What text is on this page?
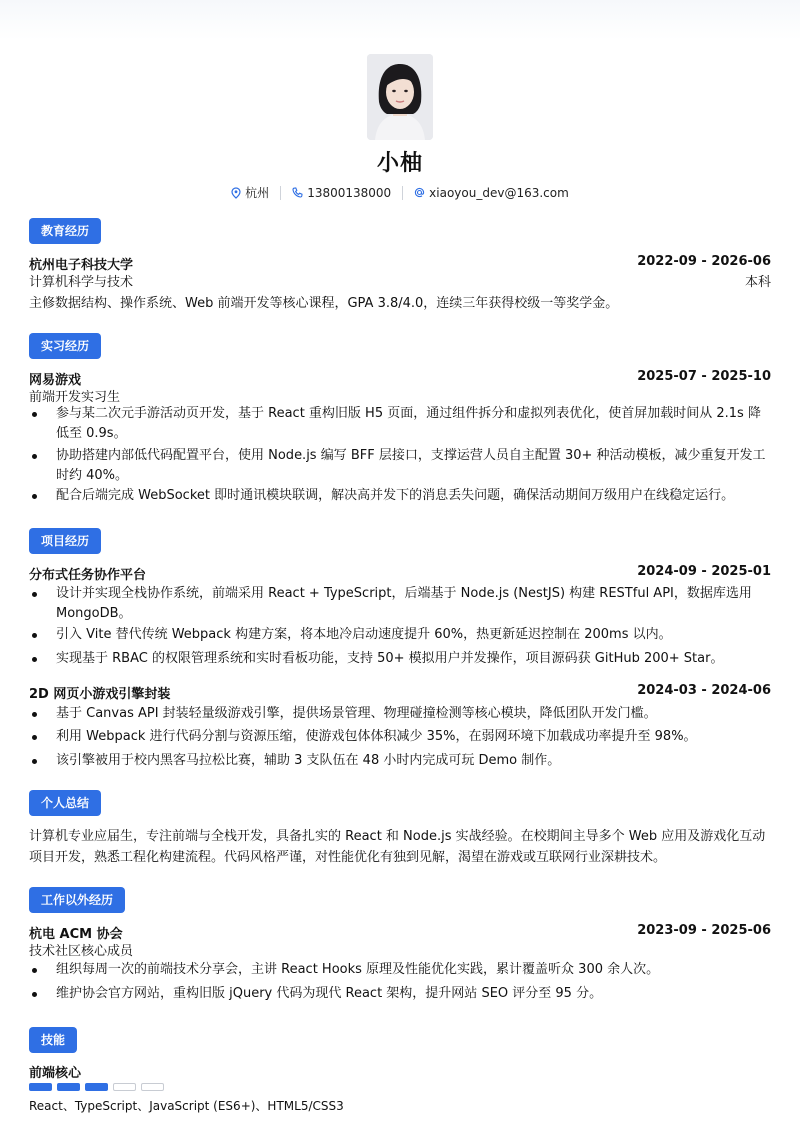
小柚
杭州	13800138000	xiaoyou_dev@163.com
教育经历
杭州电子科技大学	2022-09 - 2026-06
计算机科学与技术	本科
主修数据结构、操作系统、Web 前端开发等核心课程，GPA 3.8/4.0，连续三年获得校级一等奖学金。
实习经历
网易游戏	2025-07 - 2025-10
前端开发实习生
参与某二次元手游活动页开发，基于 React 重构旧版 H5 页面，通过组件拆分和虚拟列表优化，使首屏加载时间从 2.1s 降低至 0.9s。
协助搭建内部低代码配置平台，使用 Node.js 编写 BFF 层接口，支撑运营人员自主配置 30+ 种活动模板，减少重复开发工时约 40%。
配合后端完成 WebSocket 即时通讯模块联调，解决高并发下的消息丢失问题，确保活动期间万级用户在线稳定运行。
项目经历
分布式任务协作平台	2024-09 - 2025-01
设计并实现全栈协作系统，前端采用 React + TypeScript，后端基于 Node.js (NestJS) 构建 RESTful API，数据库选用 MongoDB。
引入 Vite 替代传统 Webpack 构建方案，将本地冷启动速度提升 60%，热更新延迟控制在 200ms 以内。
实现基于 RBAC 的权限管理系统和实时看板功能，支持 50+ 模拟用户并发操作，项目源码获 GitHub 200+ Star。
2D 网页小游戏引擎封装	2024-03 - 2024-06
基于 Canvas API 封装轻量级游戏引擎，提供场景管理、物理碰撞检测等核心模块，降低团队开发门槛。
利用 Webpack 进行代码分割与资源压缩，使游戏包体体积减少 35%，在弱网环境下加载成功率提升至 98%。
该引擎被用于校内黑客马拉松比赛，辅助 3 支队伍在 48 小时内完成可玩 Demo 制作。
个人总结
计算机专业应届生，专注前端与全栈开发，具备扎实的 React 和 Node.js 实战经验。在校期间主导多个 Web 应用及游戏化互动项目开发，熟悉工程化构建流程。代码风格严谨，对性能优化有独到见解，渴望在游戏或互联网行业深耕技术。
工作以外经历
杭电 ACM 协会	2023-09 - 2025-06
技术社区核心成员
组织每周一次的前端技术分享会，主讲 React Hooks 原理及性能优化实践，累计覆盖听众 300 余人次。
维护协会官方网站，重构旧版 jQuery 代码为现代 React 架构，提升网站 SEO 评分至 95 分。
技能
前端核心
React、TypeScript、JavaScript (ES6+)、HTML5/CSS3
